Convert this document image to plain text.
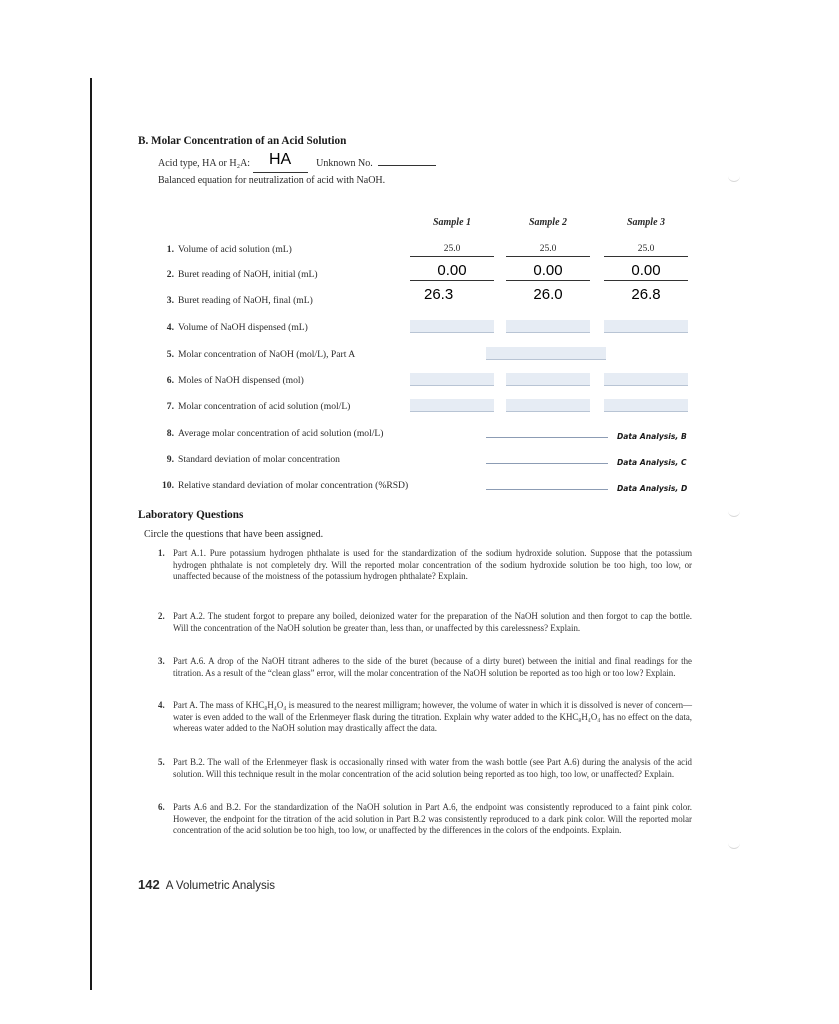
B. Molar Concentration of an Acid Solution
Acid type, HA or H₂A: HA Unknown No.
Balanced equation for neutralization of acid with NaOH.
Sample 1	Sample 2	Sample 3
1. Volume of acid solution (mL)	25.0	25.0	25.0
2. Buret reading of NaOH, initial (mL)	0.00	0.00	0.00
3. Buret reading of NaOH, final (mL)	26.3	26.0	26.8
4. Volume of NaOH dispensed (mL)
5. Molar concentration of NaOH (mol/L), Part A
6. Moles of NaOH dispensed (mol)
7. Molar concentration of acid solution (mol/L)
8. Average molar concentration of acid solution (mol/L)	Data Analysis, B
9. Standard deviation of molar concentration	Data Analysis, C
10. Relative standard deviation of molar concentration (%RSD)	Data Analysis, D
Laboratory Questions
Circle the questions that have been assigned.
1. Part A.1. Pure potassium hydrogen phthalate is used for the standardization of the sodium hydroxide solution. Suppose that the potassium hydrogen phthalate is not completely dry. Will the reported molar concentration of the sodium hydroxide solution be too high, too low, or unaffected because of the moistness of the potassium hydrogen phthalate? Explain.
2. Part A.2. The student forgot to prepare any boiled, deionized water for the preparation of the NaOH solution and then forgot to cap the bottle. Will the concentration of the NaOH solution be greater than, less than, or unaffected by this carelessness? Explain.
3. Part A.6. A drop of the NaOH titrant adheres to the side of the buret (because of a dirty buret) between the initial and final readings for the titration. As a result of the “clean glass” error, will the molar concentration of the NaOH solution be reported as too high or too low? Explain.
4. Part A. The mass of KHC₈H₄O₄ is measured to the nearest milligram; however, the volume of water in which it is dissolved is never of concern—water is even added to the wall of the Erlenmeyer flask during the titration. Explain why water added to the KHC₈H₄O₄ has no effect on the data, whereas water added to the NaOH solution may drastically affect the data.
5. Part B.2. The wall of the Erlenmeyer flask is occasionally rinsed with water from the wash bottle (see Part A.6) during the analysis of the acid solution. Will this technique result in the molar concentration of the acid solution being reported as too high, too low, or unaffected? Explain.
6. Parts A.6 and B.2. For the standardization of the NaOH solution in Part A.6, the endpoint was consistently reproduced to a faint pink color. However, the endpoint for the titration of the acid solution in Part B.2 was consistently reproduced to a dark pink color. Will the reported molar concentration of the acid solution be too high, too low, or unaffected by the differences in the colors of the endpoints. Explain.
142 A Volumetric Analysis
